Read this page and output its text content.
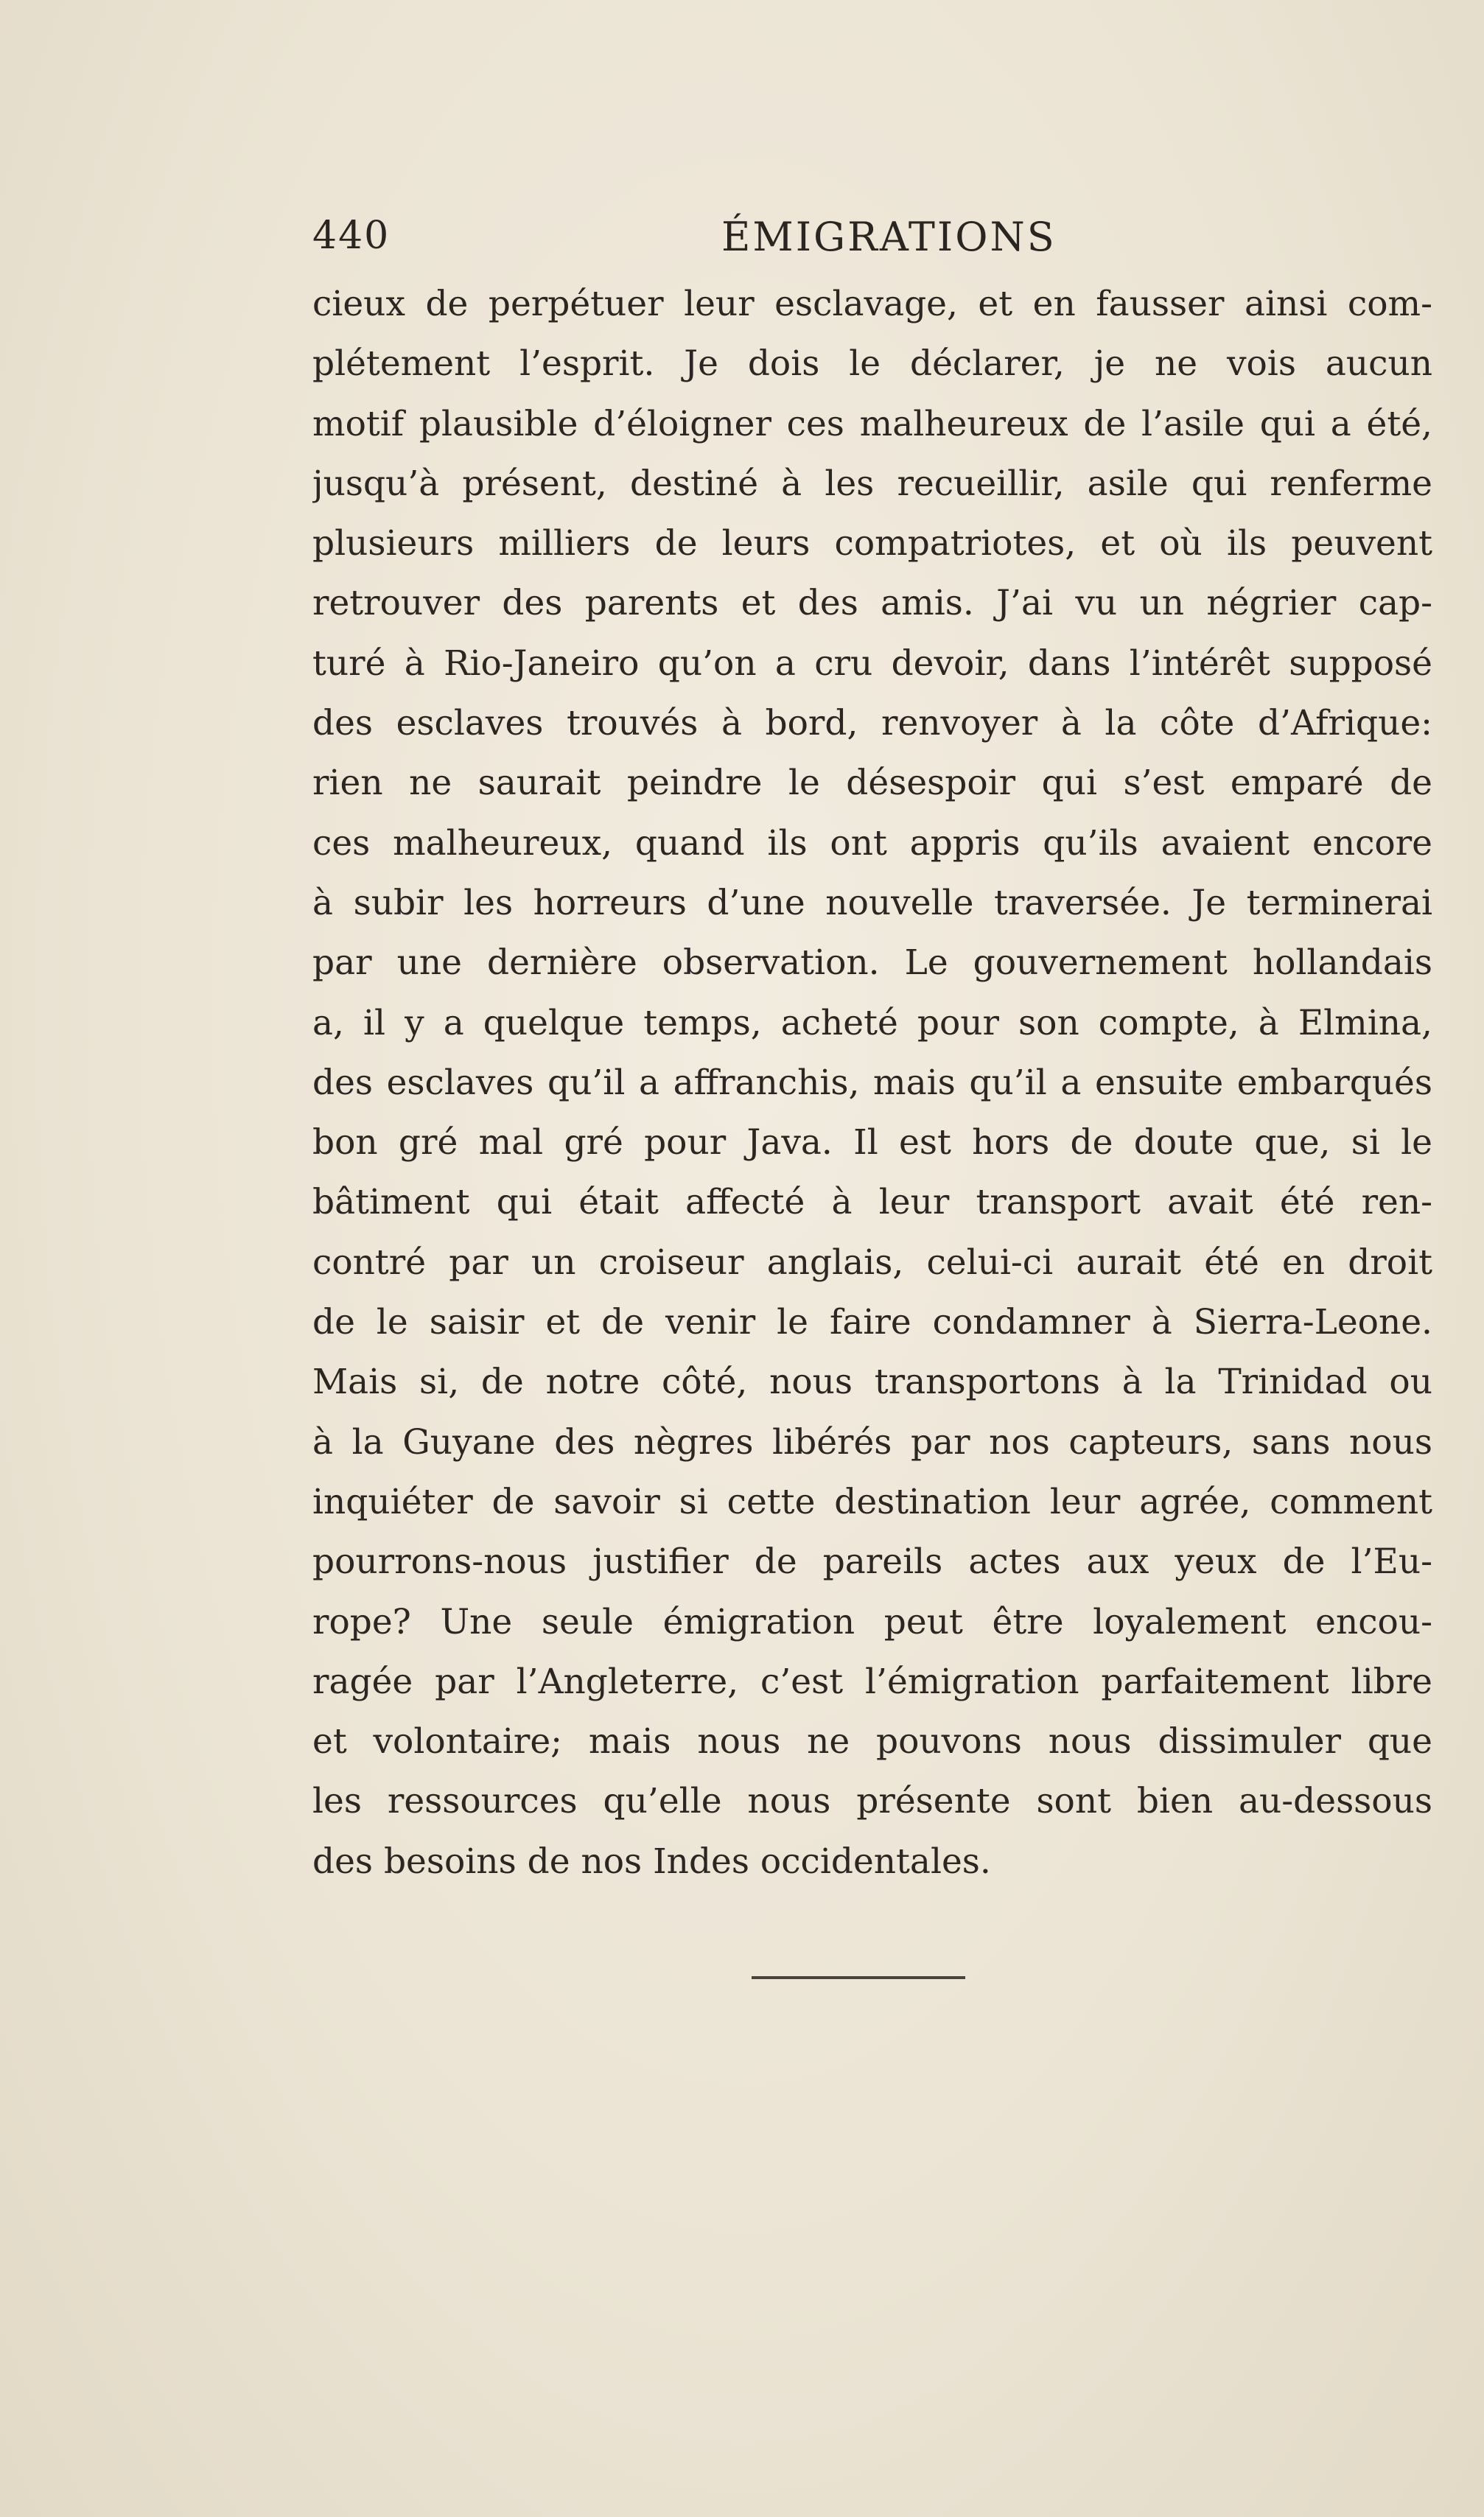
440	ÉMIGRATIONS
cieux de perpétuer leur esclavage, et en fausser ainsi com-
plétement l’esprit. Je dois le déclarer, je ne vois aucun
motif plausible d’éloigner ces malheureux de l’asile qui a été,
jusqu’à présent, destiné à les recueillir, asile qui renferme
plusieurs milliers de leurs compatriotes, et où ils peuvent
retrouver des parents et des amis. J’ai vu un négrier cap-
turé à Rio-Janeiro qu’on a cru devoir, dans l’intérêt supposé
des esclaves trouvés à bord, renvoyer à la côte d’Afrique:
rien ne saurait peindre le désespoir qui s’est emparé de
ces malheureux, quand ils ont appris qu’ils avaient encore
à subir les horreurs d’une nouvelle traversée. Je terminerai
par une dernière observation. Le gouvernement hollandais
a, il y a quelque temps, acheté pour son compte, à Elmina,
des esclaves qu’il a affranchis, mais qu’il a ensuite embarqués
bon gré mal gré pour Java. Il est hors de doute que, si le
bâtiment qui était affecté à leur transport avait été ren-
contré par un croiseur anglais, celui-ci aurait été en droit
de le saisir et de venir le faire condamner à Sierra-Leone.
Mais si, de notre côté, nous transportons à la Trinidad ou
à la Guyane des nègres libérés par nos capteurs, sans nous
inquiéter de savoir si cette destination leur agrée, comment
pourrons-nous justifier de pareils actes aux yeux de l’Eu-
rope? Une seule émigration peut être loyalement encou-
ragée par l’Angleterre, c’est l’émigration parfaitement libre
et volontaire; mais nous ne pouvons nous dissimuler que
les ressources qu’elle nous présente sont bien au-dessous
des besoins de nos Indes occidentales.
